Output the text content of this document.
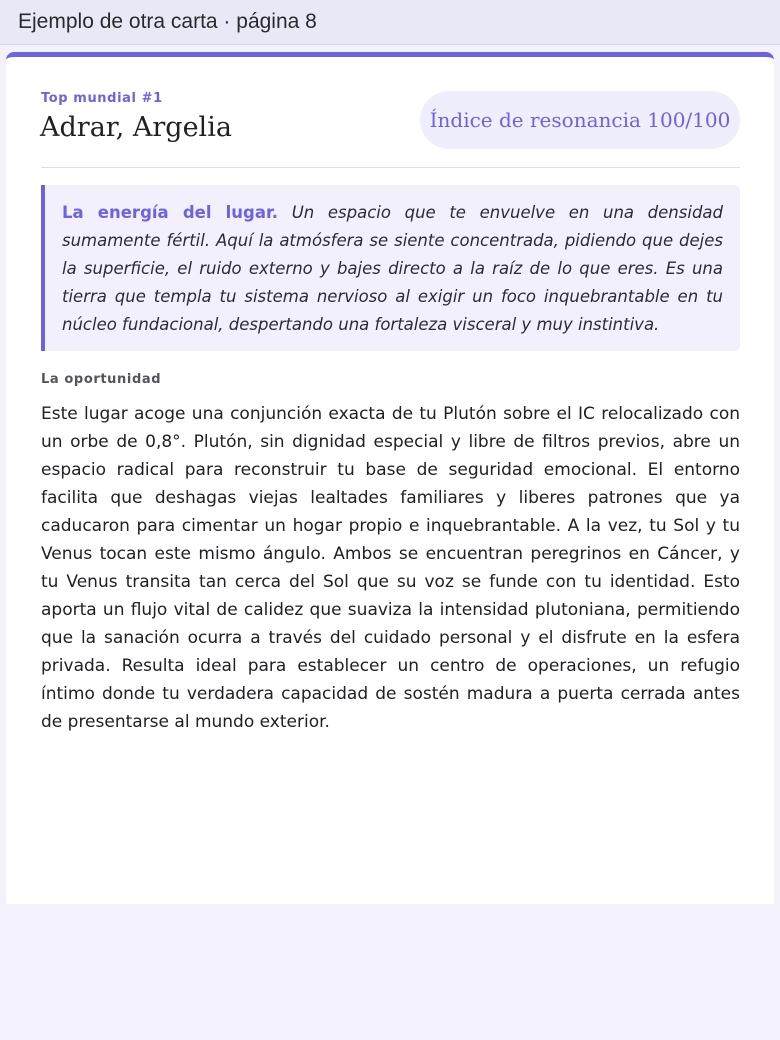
Ejemplo de otra carta · página 8
Top mundial #1
Adrar, Argelia	Índice de resonancia 100/100

La energía del lugar. Un espacio que te envuelve en una densidad sumamente fértil. Aquí la atmósfera se siente concentrada, pidiendo que dejes la superficie, el ruido externo y bajes directo a la raíz de lo que eres. Es una tierra que templa tu sistema nervioso al exigir un foco inquebrantable en tu núcleo fundacional, despertando una fortaleza visceral y muy instintiva.

La oportunidad

Este lugar acoge una conjunción exacta de tu Plutón sobre el IC relocalizado con un orbe de 0,8°. Plutón, sin dignidad especial y libre de filtros previos, abre un espacio radical para reconstruir tu base de seguridad emocional. El entorno facilita que deshagas viejas lealtades familiares y liberes patrones que ya caducaron para cimentar un hogar propio e inquebrantable. A la vez, tu Sol y tu Venus tocan este mismo ángulo. Ambos se encuentran peregrinos en Cáncer, y tu Venus transita tan cerca del Sol que su voz se funde con tu identidad. Esto aporta un flujo vital de calidez que suaviza la intensidad plutoniana, permitiendo que la sanación ocurra a través del cuidado personal y el disfrute en la esfera privada. Resulta ideal para establecer un centro de operaciones, un refugio íntimo donde tu verdadera capacidad de sostén madura a puerta cerrada antes de presentarse al mundo exterior.
